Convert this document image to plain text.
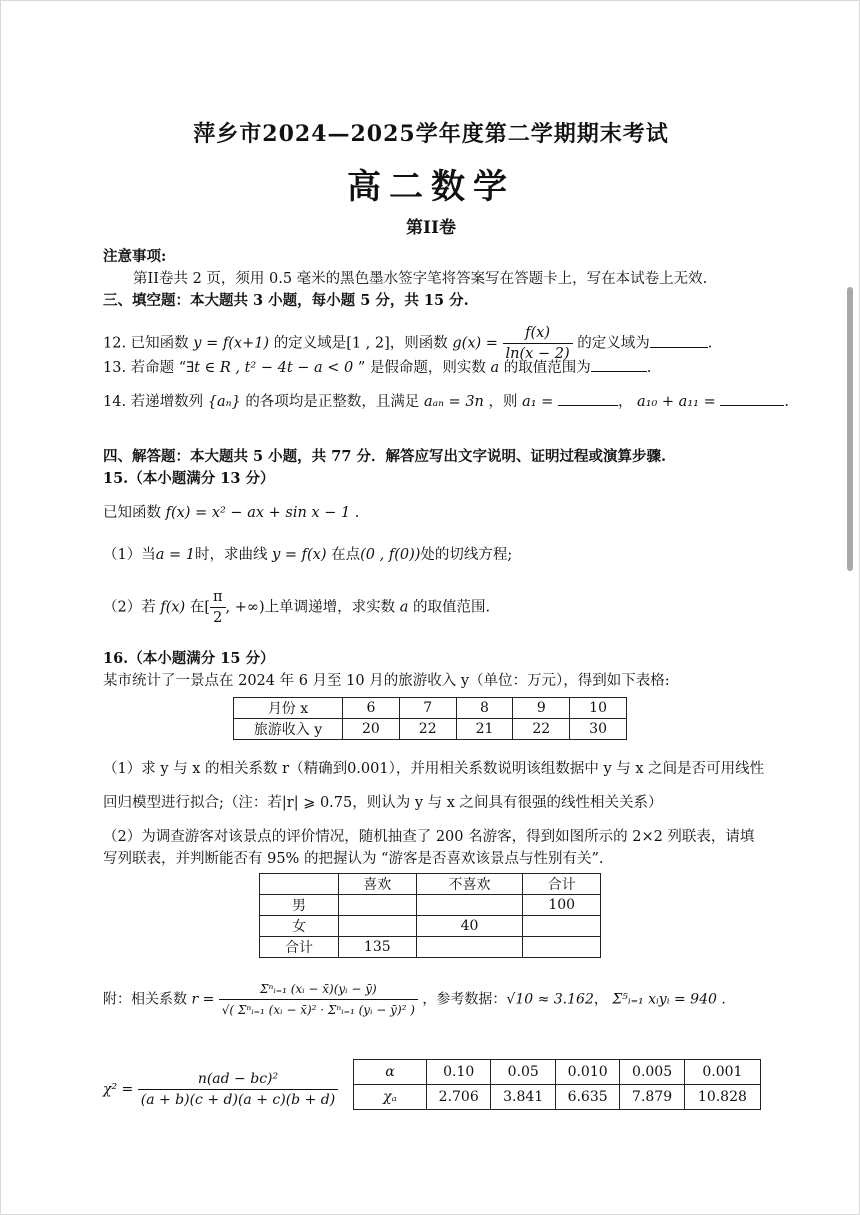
萍乡市2024—2025学年度第二学期期末考试
高二数学
第II卷
注意事项:
第II卷共 2 页，须用 0.5 毫米的黑色墨水签字笔将答案写在答题卡上，写在本试卷上无效.
三、填空题：本大题共 3 小题，每小题 5 分，共 15 分.
12. 已知函数 y = f(x+1) 的定义域是[1 , 2]，则函数 $g(x) = \frac{f(x)}{\ln(x - 2)}$ 的定义域为	.
13. 若命题 “∃t ∈ R , t² − 4t − a < 0 ” 是假命题，则实数 a 的取值范围为	.
14. 若递增数列 {aₙ} 的各项均是正整数，且满足 aₐₙ = 3n ，则 a₁ =	， a₁₀ + a₁₁ =	.
四、解答题：本大题共 5 小题，共 77 分．解答应写出文字说明、证明过程或演算步骤.
15.（本小题满分 13 分）
已知函数 f(x) = x² − ax + sin x − 1 .
（1）当a = 1时，求曲线 y = f(x) 在点(0 , f(0))处的切线方程;
（2）若 f(x) 在[ $\frac{\pi}{2}$ , +∞)上单调递增，求实数 a 的取值范围.
16.（本小题满分 15 分）
某市统计了一景点在 2024 年 6 月至 10 月的旅游收入 y（单位：万元），得到如下表格:
月份 x	6	7	8	9	10
旅游收入 y	20	22	21	22	30
（1）求 y 与 x 的相关系数 r（精确到0.001），并用相关系数说明该组数据中 y 与 x 之间是否可用线性
回归模型进行拟合;（注：若|r| ⩾ 0.75，则认为 y 与 x 之间具有很强的线性相关关系）
（2）为调查游客对该景点的评价情况，随机抽查了 200 名游客，得到如图所示的 2×2 列联表，请填
写列联表，并判断能否有 95% 的把握认为 “游客是否喜欢该景点与性别有关”.
	喜欢	不喜欢	合计
男			100
女		40	
合计	135		
附：相关系数 $r = \frac{\text{Σⁿᵢ₌₁ (xᵢ − x̄)(yᵢ − ȳ)}}{\text{√( Σⁿᵢ₌₁ (xᵢ − x̄)² · Σⁿᵢ₌₁ (yᵢ − ȳ)² )}}$ ，参考数据：√10 ≈ 3.162， Σ⁵ᵢ₌₁ xᵢyᵢ = 940 .
$\chi^2 = \frac{\text{n(ad − bc)²}}{(a + b)(c + d)(a + c)(b + d)}$	α	0.10	0.05	0.010	0.005	0.001
χₐ	2.706	3.841	6.635	7.879	10.828
